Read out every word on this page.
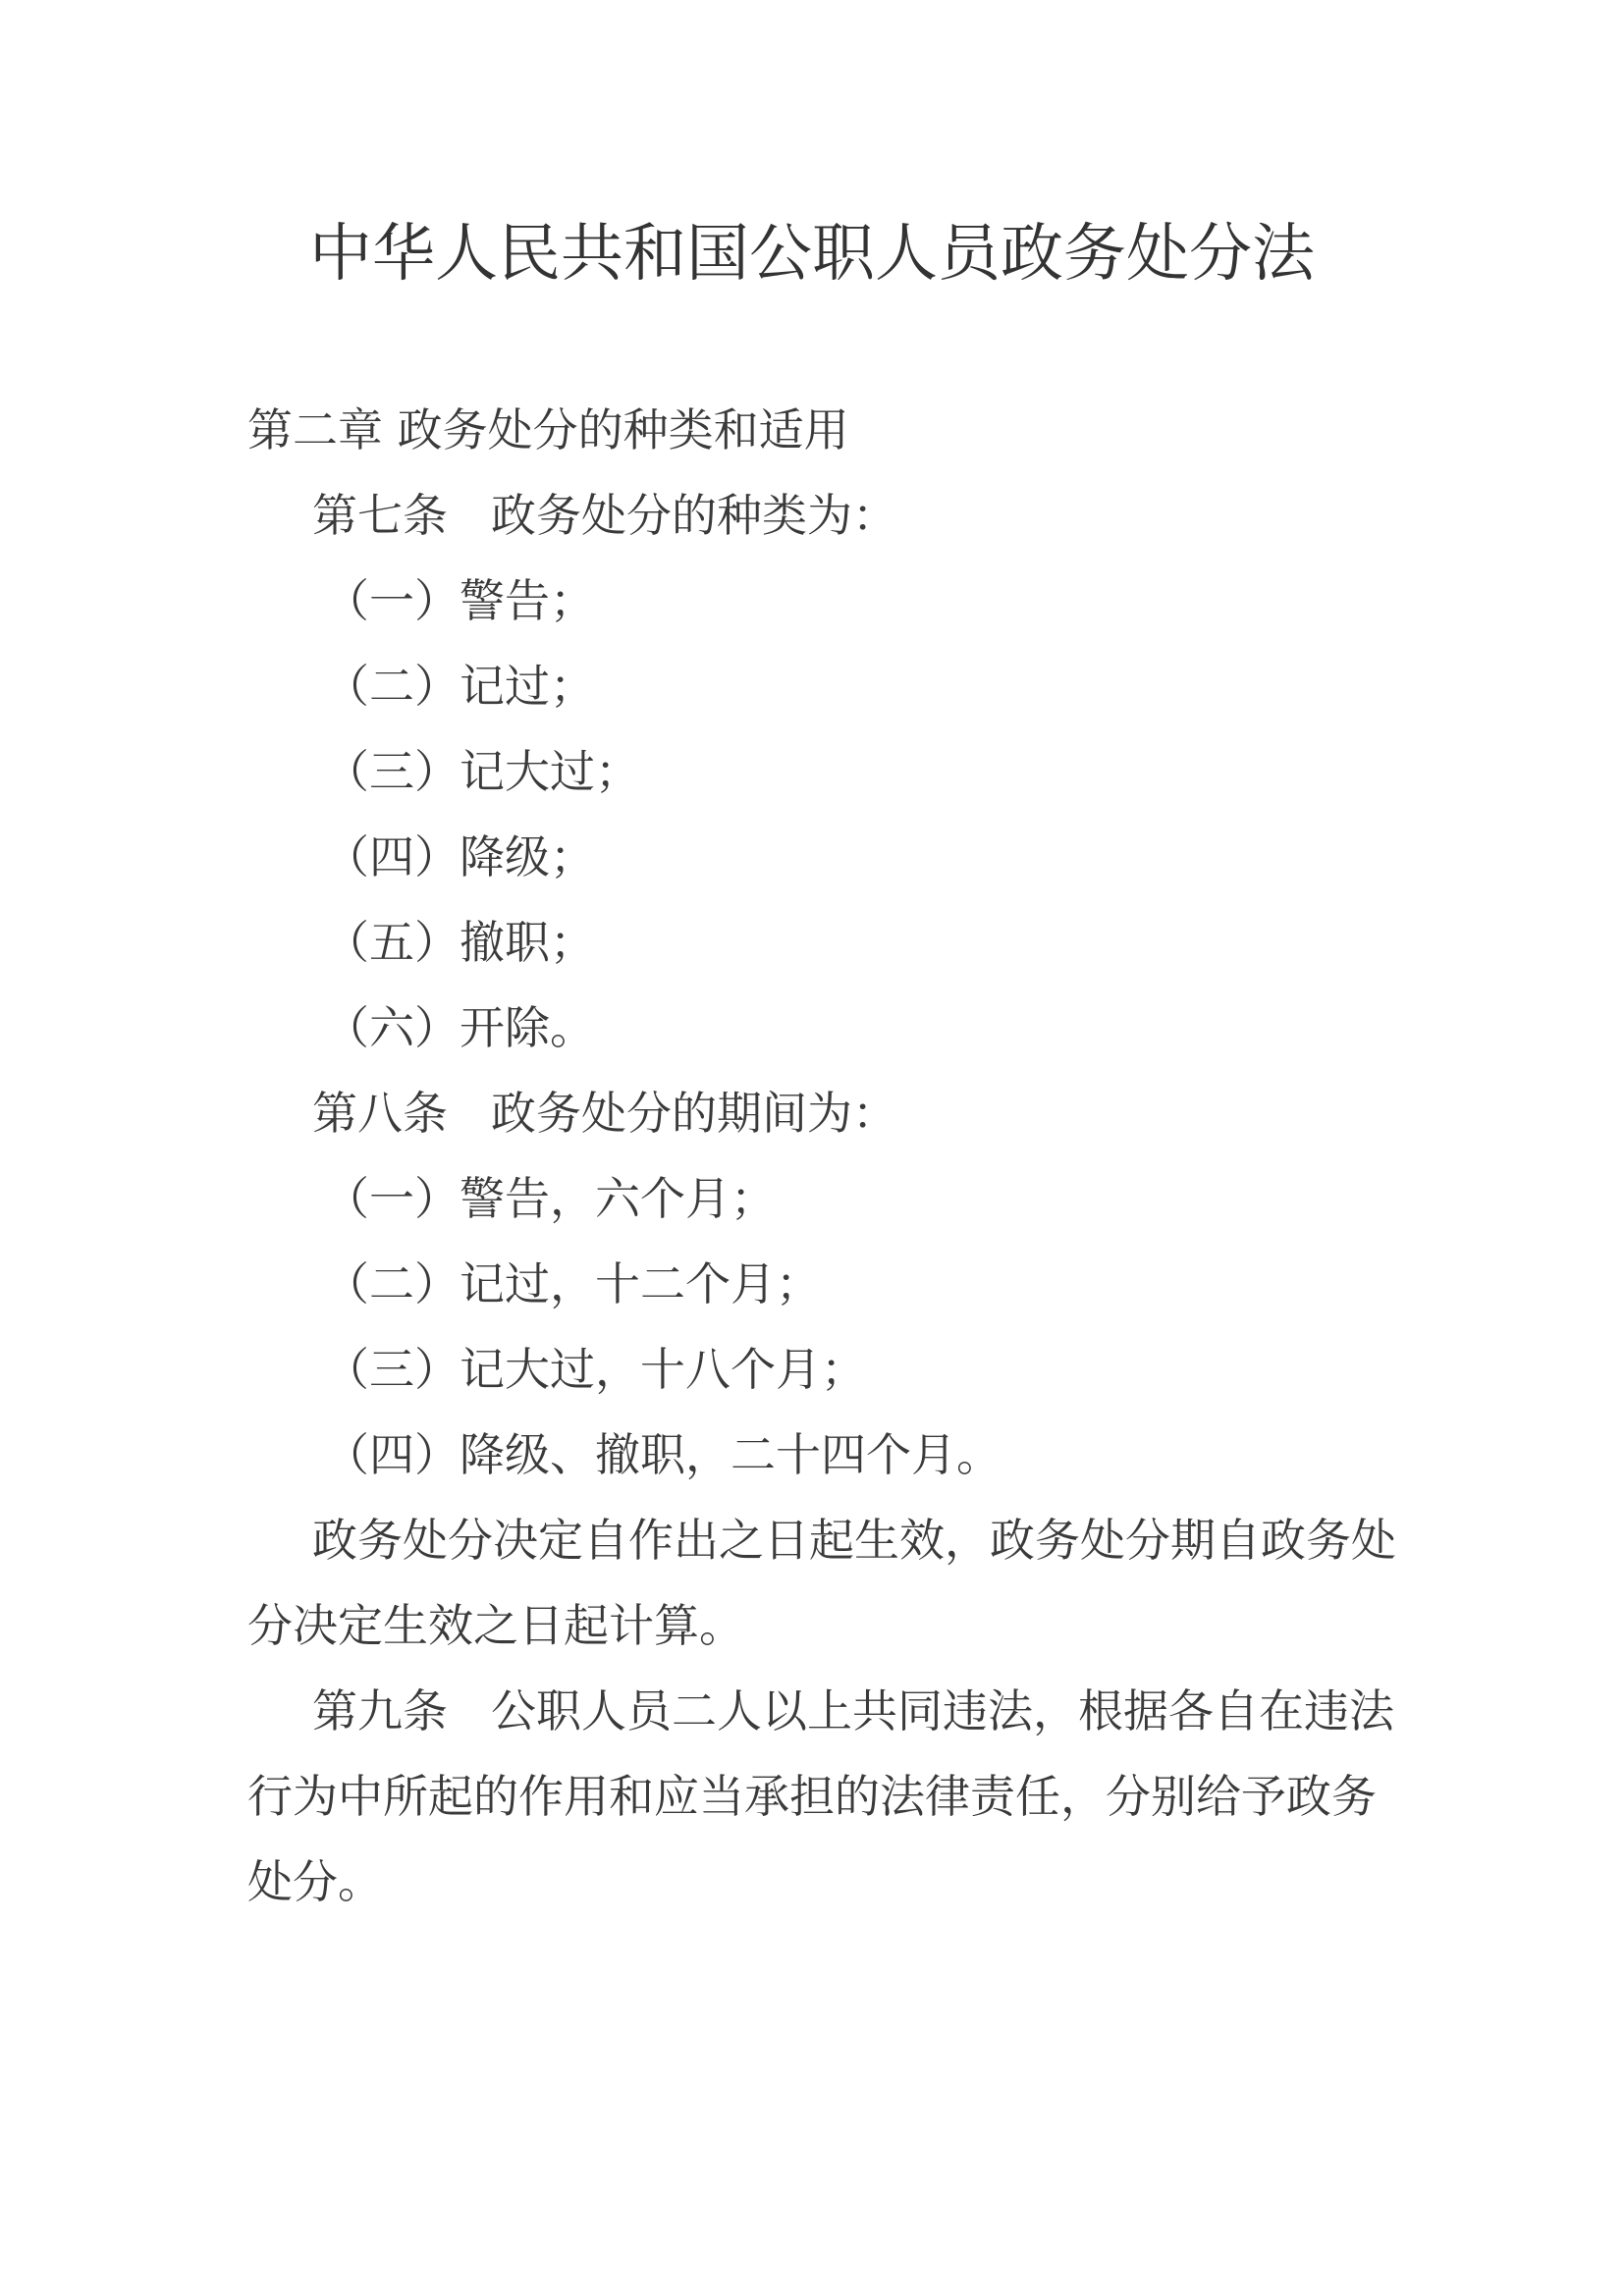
中华人民共和国公职人员政务处分法
第二章 政务处分的种类和适用
第七条 政务处分的种类为：
（一）警告；
（二）记过；
（三）记大过；
（四）降级；
（五）撤职；
（六）开除。
第八条 政务处分的期间为：
（一）警告，六个月；
（二）记过，十二个月；
（三）记大过，十八个月；
（四）降级、撤职，二十四个月。
政务处分决定自作出之日起生效，政务处分期自政务处
分决定生效之日起计算。
第九条 公职人员二人以上共同违法，根据各自在违法
行为中所起的作用和应当承担的法律责任，分别给予政务
处分。
